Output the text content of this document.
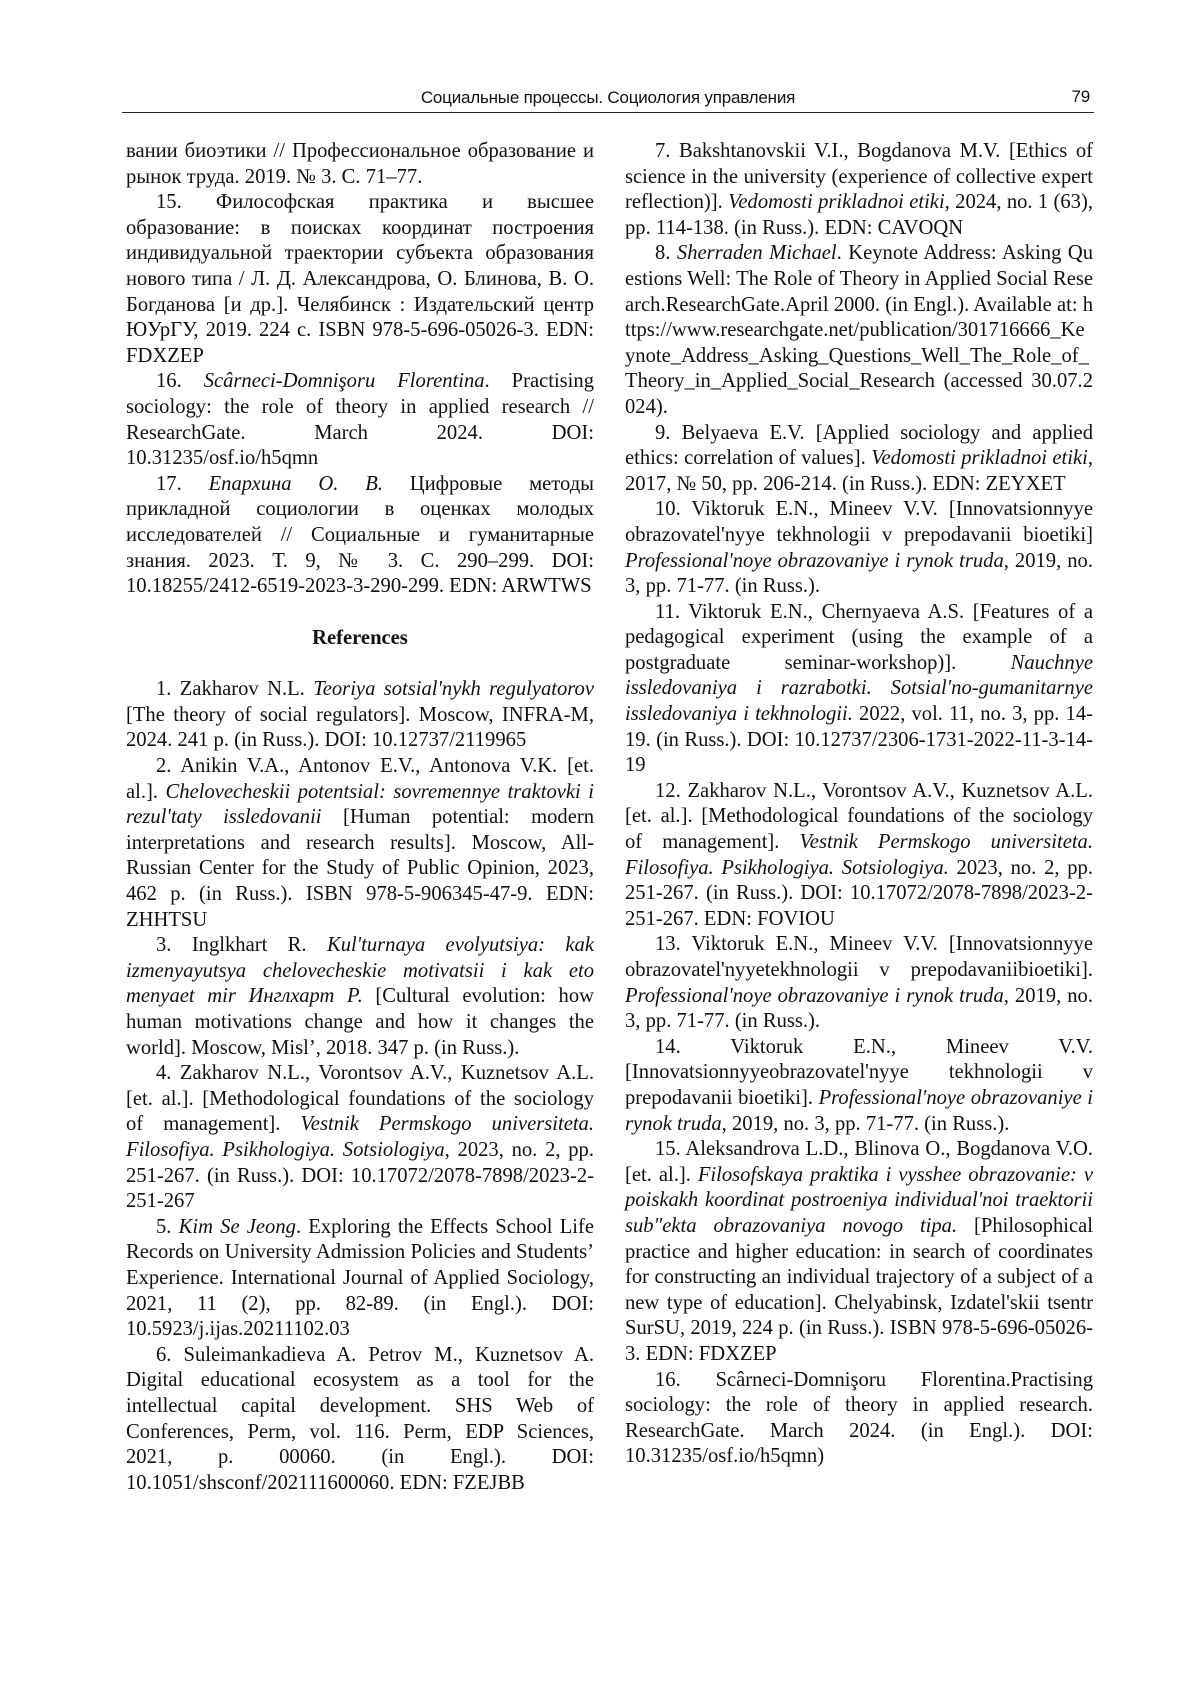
Социальные процессы. Социология управления	79

вании биоэтики // Профессиональное образование и рынок труда. 2019. № 3. С. 71–77.

15. Философская практика и высшее образование: в поисках координат построения индивидуальной траектории субъекта образования нового типа / Л. Д. Александрова, О. Блинова, В. О. Богданова [и др.]. Челябинск : Издательский центр ЮУрГУ, 2019. 224 с. ISBN 978-5-696-05026-3. EDN: FDXZEP

16. Scârneci-Domnişoru Florentina. Practising sociology: the role of theory in applied research // ResearchGate. March 2024. DOI: 10.31235/osf.io/h5qmn

17. Епархина О. В. Цифровые методы прикладной социологии в оценках молодых исследователей // Социальные и гуманитарные знания. 2023. Т. 9, № 3. С. 290–299. DOI: 10.18255/2412-6519-2023-3-290-299. EDN: ARWTWS

References

1. Zakharov N.L. Teoriya sotsial'nykh regulyatorov [The theory of social regulators]. Moscow, INFRA-M, 2024. 241 p. (in Russ.). DOI: 10.12737/2119965

2. Anikin V.A., Antonov E.V., Antonova V.K. [et. al.]. Chelovecheskii potentsial: sovremennye traktovki i rezul'taty issledovanii [Human potential: modern interpretations and research results]. Moscow, All-Russian Center for the Study of Public Opinion, 2023, 462 p. (in Russ.). ISBN 978-5-906345-47-9. EDN: ZHHTSU

3. Inglkhart R. Kul'turnaya evolyutsiya: kak izmenyayutsya chelovecheskie motivatsii i kak eto menyaet mir Инглхарт Р. [Cultural evolution: how human motivations change and how it changes the world]. Moscow, Misl’, 2018. 347 p. (in Russ.).

4. Zakharov N.L., Vorontsov A.V., Kuznetsov A.L. [et. al.]. [Methodological foundations of the sociology of management]. Vestnik Permskogo universiteta. Filosofiya. Psikhologiya. Sotsiologiya, 2023, no. 2, pp. 251-267. (in Russ.). DOI: 10.17072/2078-7898/2023-2-251-267

5. Kim Se Jeong. Exploring the Effects School Life Records on University Admission Policies and Students’ Experience. International Journal of Applied Sociology, 2021, 11 (2), pp. 82-89. (in Engl.). DOI: 10.5923/j.ijas.20211102.03

6. Suleimankadieva A. Petrov M., Kuznetsov A. Digital educational ecosystem as a tool for the intellectual capital development. SHS Web of Conferences, Perm, vol. 116. Perm, EDP Sciences, 2021, p. 00060. (in Engl.). DOI: 10.1051/shsconf/202111600060. EDN: FZEJBB

7. Bakshtanovskii V.I., Bogdanova M.V. [Ethics of science in the university (experience of collective expert reflection)]. Vedomosti prikladnoi etiki, 2024, no. 1 (63), pp. 114-138. (in Russ.). EDN: CAVOQN

8. Sherraden Michael. Keynote Address: Asking Questions Well: The Role of Theory in Applied Social Research.ResearchGate.April 2000. (in Engl.). Available at: https://www.researchgate.net/publication/301716666_Keynote_Address_Asking_Questions_Well_The_Role_of_Theory_in_Applied_Social_Research (accessed 30.07.2024).

9. Belyaeva E.V. [Applied sociology and applied ethics: correlation of values]. Vedomosti prikladnoi etiki, 2017, № 50, pp. 206-214. (in Russ.). EDN: ZEYXET

10. Viktoruk E.N., Mineev V.V. [Innovatsionnyye obrazovatel'nyye tekhnologii v prepodavanii bioetiki] Professional'noye obrazovaniye i rynok truda, 2019, no. 3, pp. 71-77. (in Russ.).

11. Viktoruk E.N., Chernyaeva A.S. [Features of a pedagogical experiment (using the example of a postgraduate seminar-workshop)]. Nauchnye issledovaniya i razrabotki. Sotsial'no-gumanitarnye issledovaniya i tekhnologii. 2022, vol. 11, no. 3, pp. 14-19. (in Russ.). DOI: 10.12737/2306-1731-2022-11-3-14-19

12. Zakharov N.L., Vorontsov A.V., Kuznetsov A.L. [et. al.]. [Methodological foundations of the sociology of management]. Vestnik Permskogo universiteta. Filosofiya. Psikhologiya. Sotsiologiya. 2023, no. 2, pp. 251-267. (in Russ.). DOI: 10.17072/2078-7898/2023-2-251-267. EDN: FOVIOU

13. Viktoruk E.N., Mineev V.V. [Innovatsionnyye obrazovatel'nyyetekhnologii v prepodavaniibioetiki]. Professional'noye obrazovaniye i rynok truda, 2019, no. 3, pp. 71-77. (in Russ.).

14. Viktoruk E.N., Mineev V.V. [Innovatsionnyyeobrazovatel'nyye tekhnologii v prepodavanii bioetiki]. Professional'noye obrazovaniye i rynok truda, 2019, no. 3, pp. 71-77. (in Russ.).

15. Aleksandrova L.D., Blinova O., Bogdanova V.O. [et. al.]. Filosofskaya praktika i vysshee obrazovanie: v poiskakh koordinat postroeniya individual'noi traektorii sub"ekta obrazovaniya novogo tipa. [Philosophical practice and higher education: in search of coordinates for constructing an individual trajectory of a subject of a new type of education]. Chelyabinsk, Izdatel'skii tsentr SurSU, 2019, 224 p. (in Russ.). ISBN 978-5-696-05026-3. EDN: FDXZEP

16. Scârneci-Domnişoru Florentina.Practising sociology: the role of theory in applied research. ResearchGate. March 2024. (in Engl.). DOI: 10.31235/osf.io/h5qmn)
